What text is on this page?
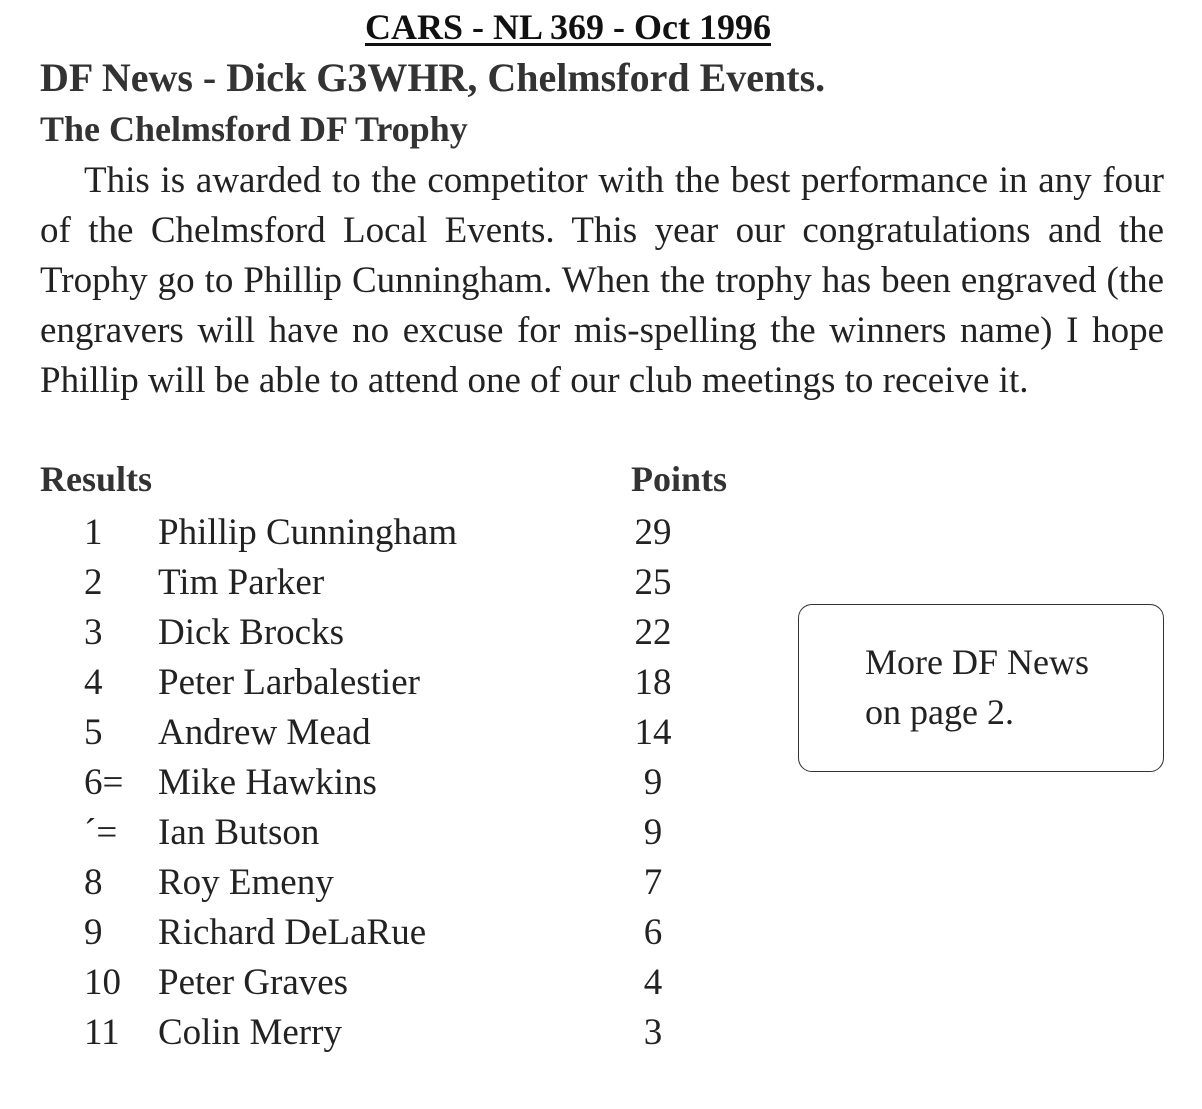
CARS - NL 369 - Oct 1996
DF News - Dick G3WHR, Chelmsford Events.
The Chelmsford DF Trophy

This is awarded to the competitor with the best performance in any four of the Chelmsford Local Events. This year our congratulations and the Trophy go to Phillip Cunningham. When the trophy has been engraved (the engravers will have no excuse for mis-spelling the winners name) I hope Phillip will be able to attend one of our club meetings to receive it.

Results	Points
1	Phillip Cunningham	29
2	Tim Parker	25
3	Dick Brocks	22
4	Peter Larbalestier	18
5	Andrew Mead	14
6= Mike Hawkins	9
´=	Ian Butson	9
8	Roy Emeny	7
9	Richard DeLaRue	6
10	Peter Graves	4
11	Colin Merry	3
More DF News
on page 2.
